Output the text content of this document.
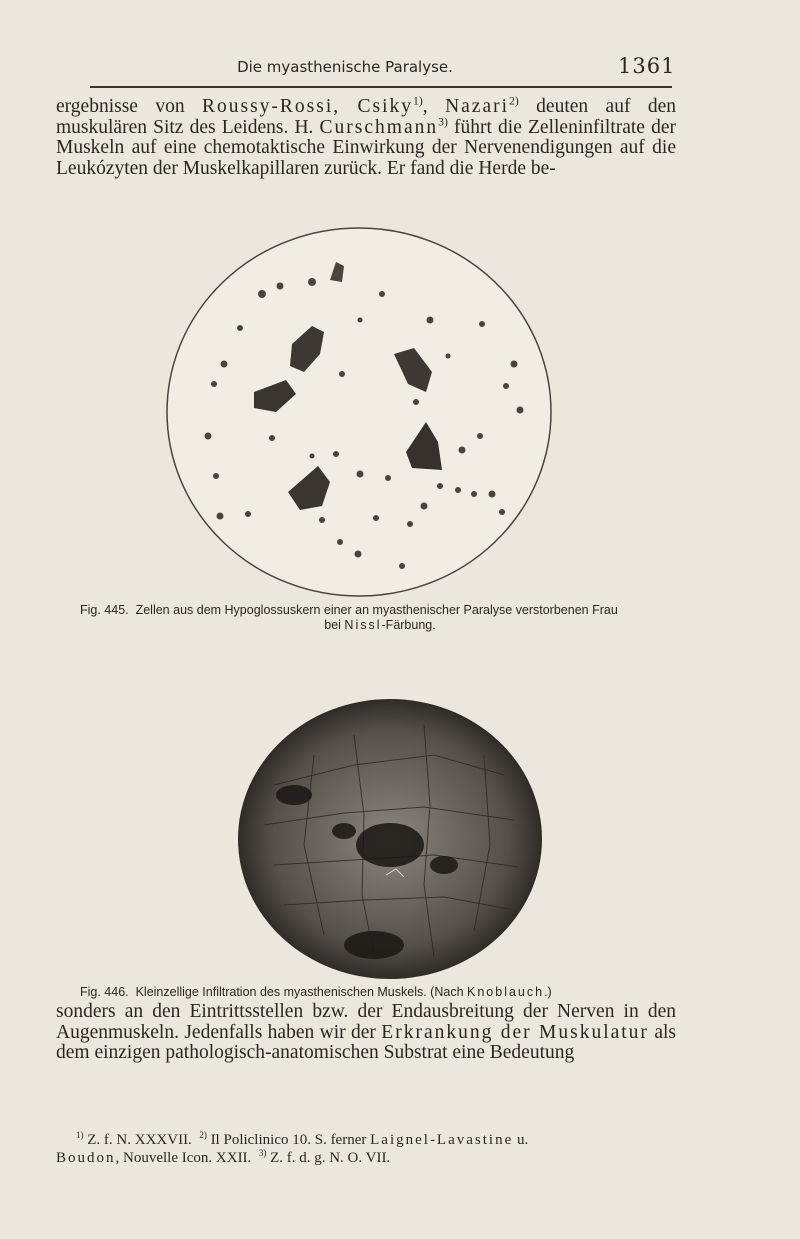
Die myasthenische Paralyse.	1361

ergebnisse von Roussy-Rossi, Csiky$^{1)}$, Nazari$^{2)}$ deuten auf den muskulären Sitz des Leidens. H. Curschmann$^{3)}$ führt die Zelleninfiltrate der Muskeln auf eine chemotaktische Einwirkung der Nervenendigungen auf die Leukózyten der Muskelkapillaren zurück. Er fand die Herde be-

Fig. 445. Zellen aus dem Hypoglossuskern einer an myasthenischer Paralyse verstorbenen Frau
bei Nissl-Färbung.
Fig. 446. Kleinzellige Infiltration des myasthenischen Muskels. (Nach Knoblauch.)

sonders an den Eintrittsstellen bzw. der Endausbreitung der Nerven in den Augenmuskeln. Jedenfalls haben wir der Erkrankung der Muskulatur als dem einzigen pathologisch-anatomischen Substrat eine Bedeutung

$^{1)}$ Z. f. N. XXXVII. $^{2)}$ Il Policlinico 10. S. ferner Laignel-Lavastine u.

Boudon, Nouvelle Icon. XXII. $^{3)}$ Z. f. d. g. N. O. VII.
